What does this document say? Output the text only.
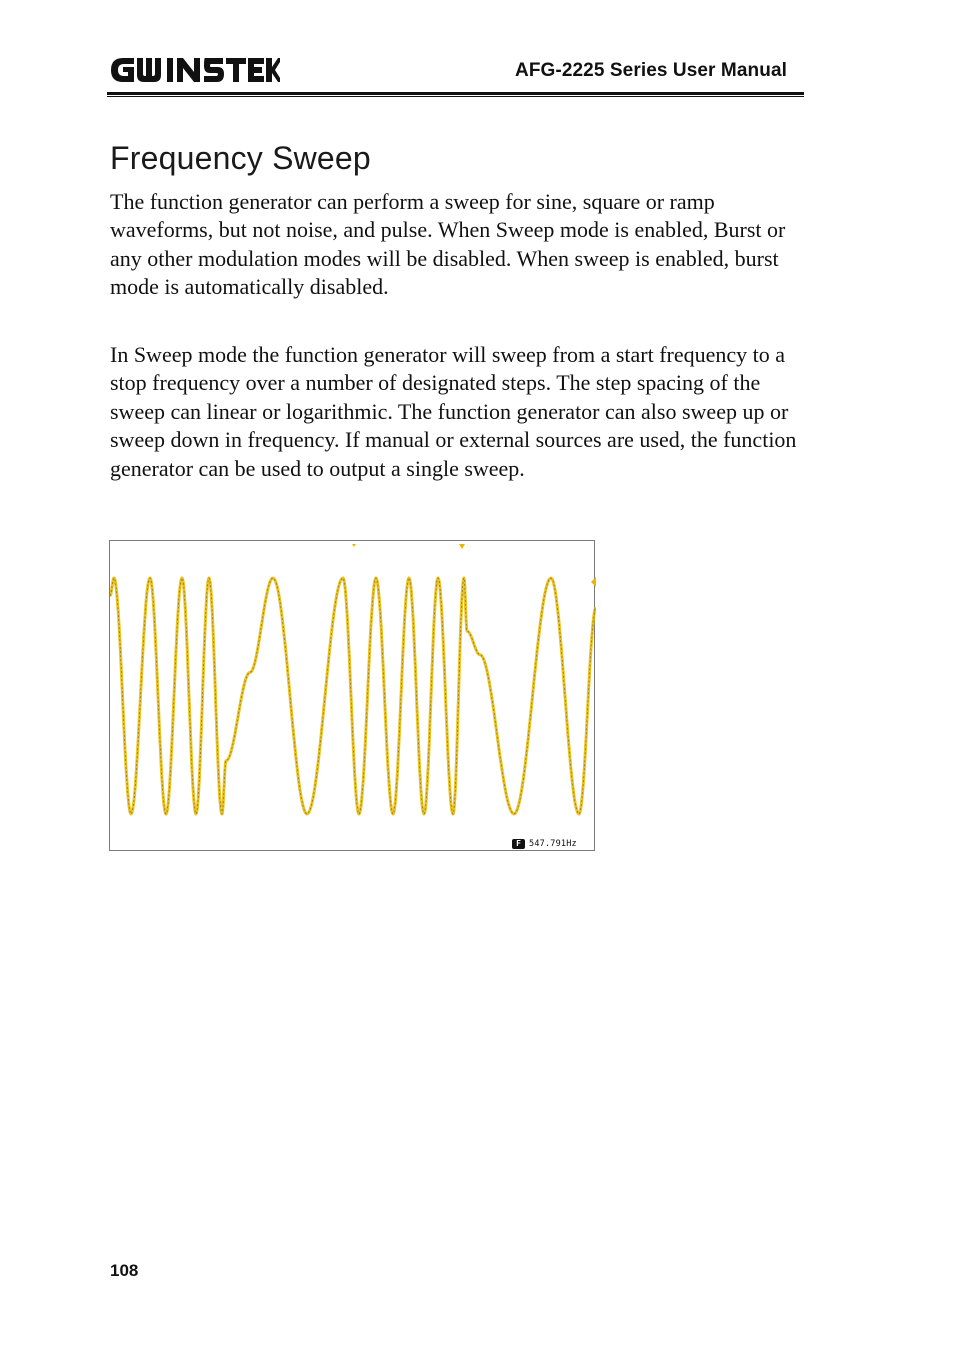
GW INSTEK
AFG-2225 Series User Manual
Frequency Sweep

The function generator can perform a sweep for sine, square or ramp waveforms, but not noise, and pulse. When Sweep mode is enabled, Burst or any other modulation modes will be disabled. When sweep is enabled, burst mode is automatically disabled.

In Sweep mode the function generator will sweep from a start frequency to a stop frequency over a number of designated steps. The step spacing of the sweep can linear or logarithmic. The function generator can also sweep up or sweep down in frequency. If manual or external sources are used, the function generator can be used to output a single sweep.

F 547.791Hz
108
